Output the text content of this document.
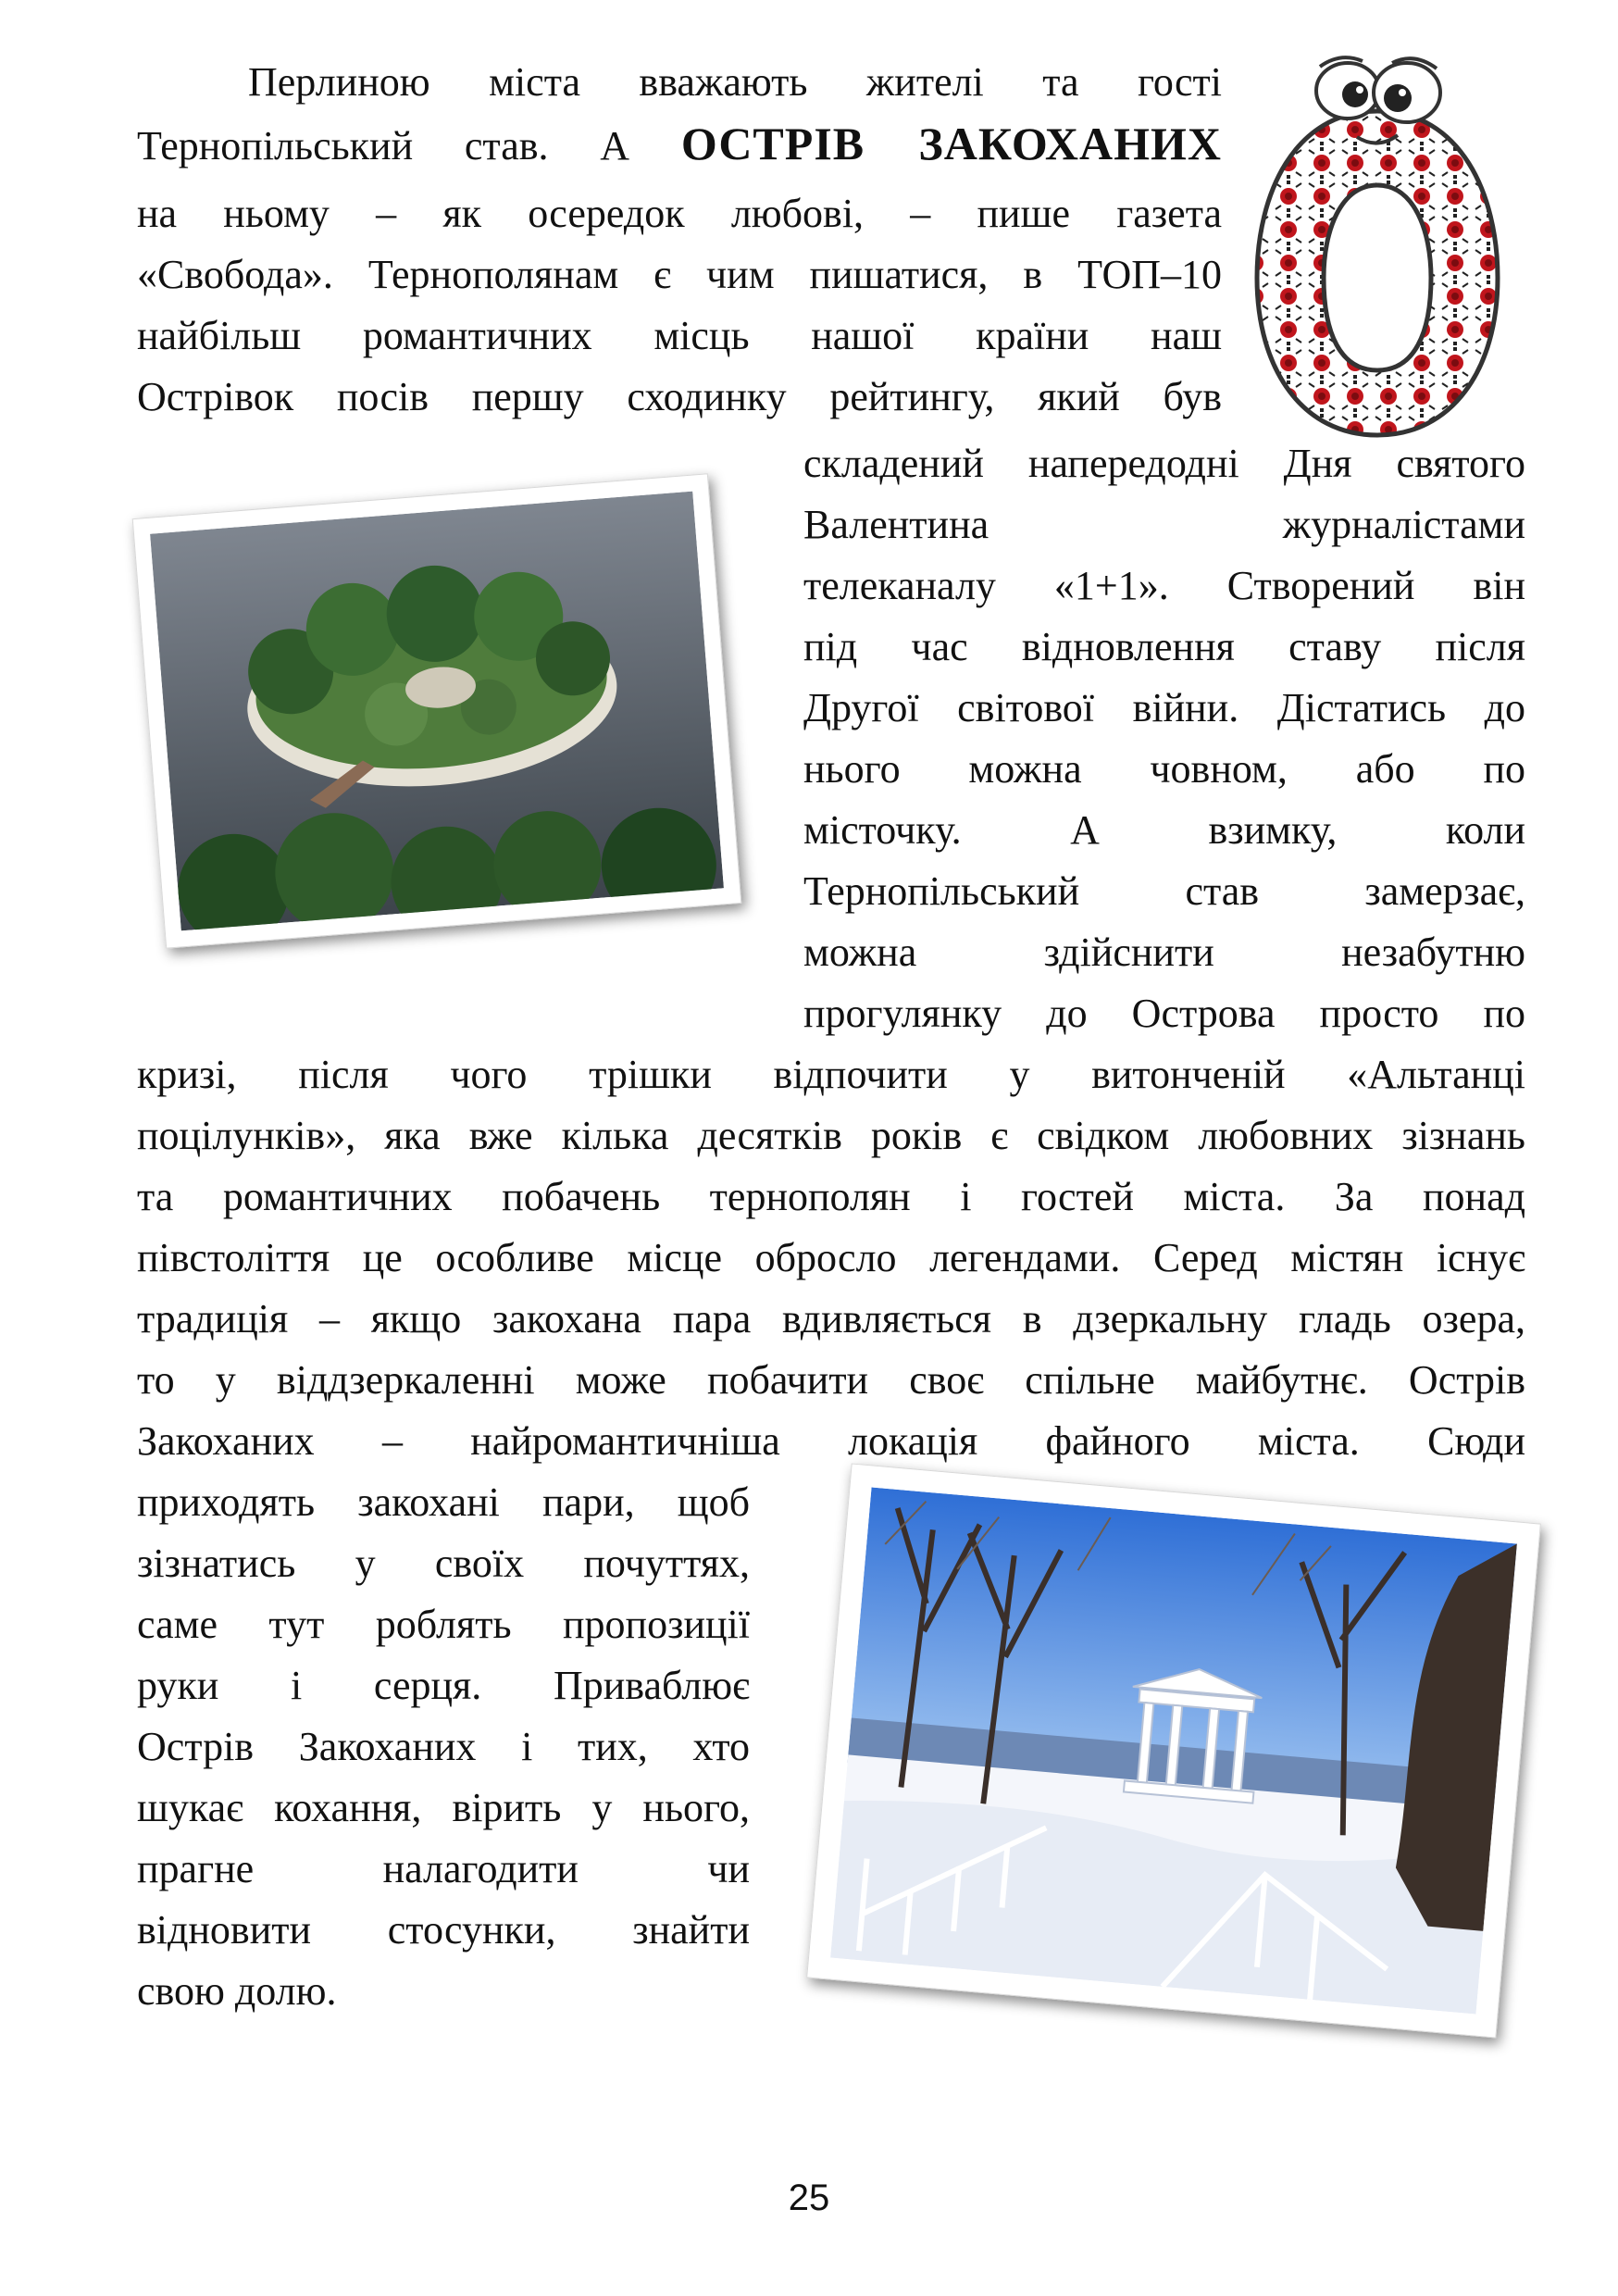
Перлиною міста вважають жителі та гості
Тернопільський став. А ОСТРІВ ЗАКОХАНИХ
на ньому – як осередок любові, – пише газета
«Свобода». Тернополянам є чим пишатися, в ТОП–10
найбільш романтичних місць нашої країни наш
Острівок посів першу сходинку рейтингу, який був
складений напередодні Дня святого
Валентина журналістами
телеканалу «1+1». Створений він
під час відновлення ставу після
Другої світової війни. Дістатись до
нього можна човном, або по
місточку. А взимку, коли
Тернопільський став замерзає,
можна здійснити незабутню
прогулянку до Острова просто по
кризі, після чого трішки відпочити у витонченій «Альтанці
поцілунків», яка вже кілька десятків років є свідком любовних зізнань
та романтичних побачень тернополян і гостей міста. За понад
півстоліття це особливе місце обросло легендами. Серед містян існує
традиція – якщо закохана пара вдивляється в дзеркальну гладь озера,
то у віддзеркаленні може побачити своє спільне майбутнє. Острів
Закоханих – найромантичніша локація файного міста. Сюди
приходять закохані пари, щоб
зізнатись у своїх почуттях,
саме тут роблять пропозиції
руки і серця. Приваблює
Острів Закоханих і тих, хто
шукає кохання, вірить у нього,
прагне налагодити чи
відновити стосунки, знайти
свою долю.
25
